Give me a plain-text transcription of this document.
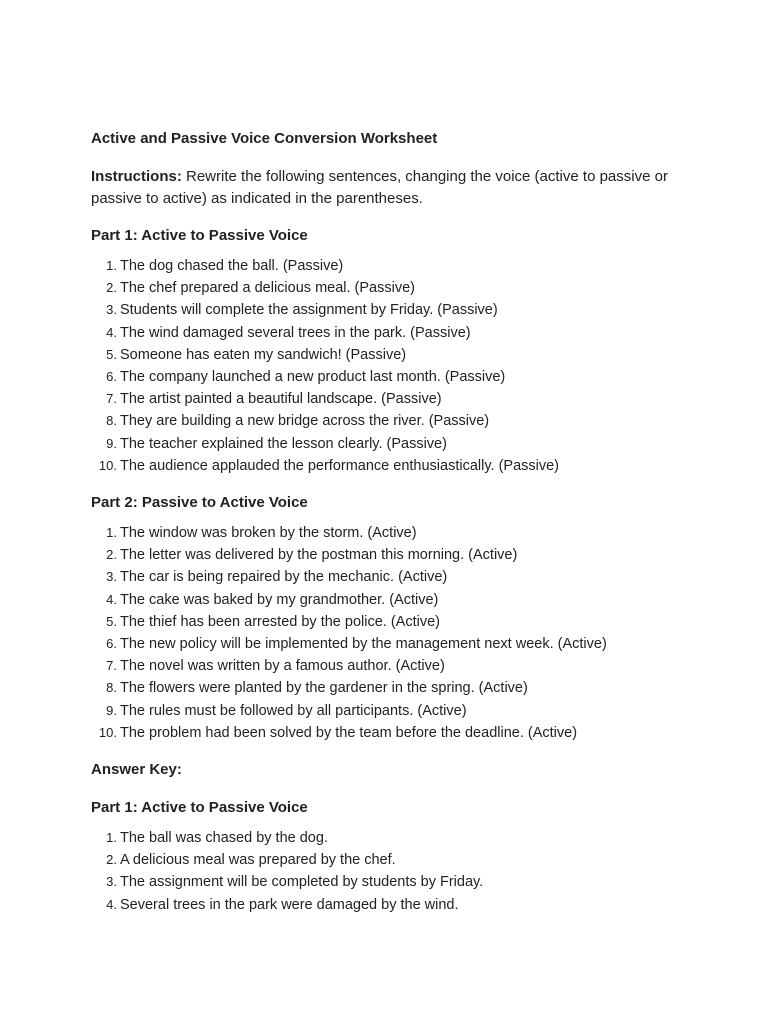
Active and Passive Voice Conversion Worksheet

Instructions: Rewrite the following sentences, changing the voice (active to passive or passive to active) as indicated in the parentheses.

Part 1: Active to Passive Voice
1. The dog chased the ball. (Passive)
2. The chef prepared a delicious meal. (Passive)
3. Students will complete the assignment by Friday. (Passive)
4. The wind damaged several trees in the park. (Passive)
5. Someone has eaten my sandwich! (Passive)
6. The company launched a new product last month. (Passive)
7. The artist painted a beautiful landscape. (Passive)
8. They are building a new bridge across the river. (Passive)
9. The teacher explained the lesson clearly. (Passive)
10. The audience applauded the performance enthusiastically. (Passive)
Part 2: Passive to Active Voice
1. The window was broken by the storm. (Active)
2. The letter was delivered by the postman this morning. (Active)
3. The car is being repaired by the mechanic. (Active)
4. The cake was baked by my grandmother. (Active)
5. The thief has been arrested by the police. (Active)
6. The new policy will be implemented by the management next week. (Active)
7. The novel was written by a famous author. (Active)
8. The flowers were planted by the gardener in the spring. (Active)
9. The rules must be followed by all participants. (Active)
10. The problem had been solved by the team before the deadline. (Active)
Answer Key:
Part 1: Active to Passive Voice
1. The ball was chased by the dog.
2. A delicious meal was prepared by the chef.
3. The assignment will be completed by students by Friday.
4. Several trees in the park were damaged by the wind.
